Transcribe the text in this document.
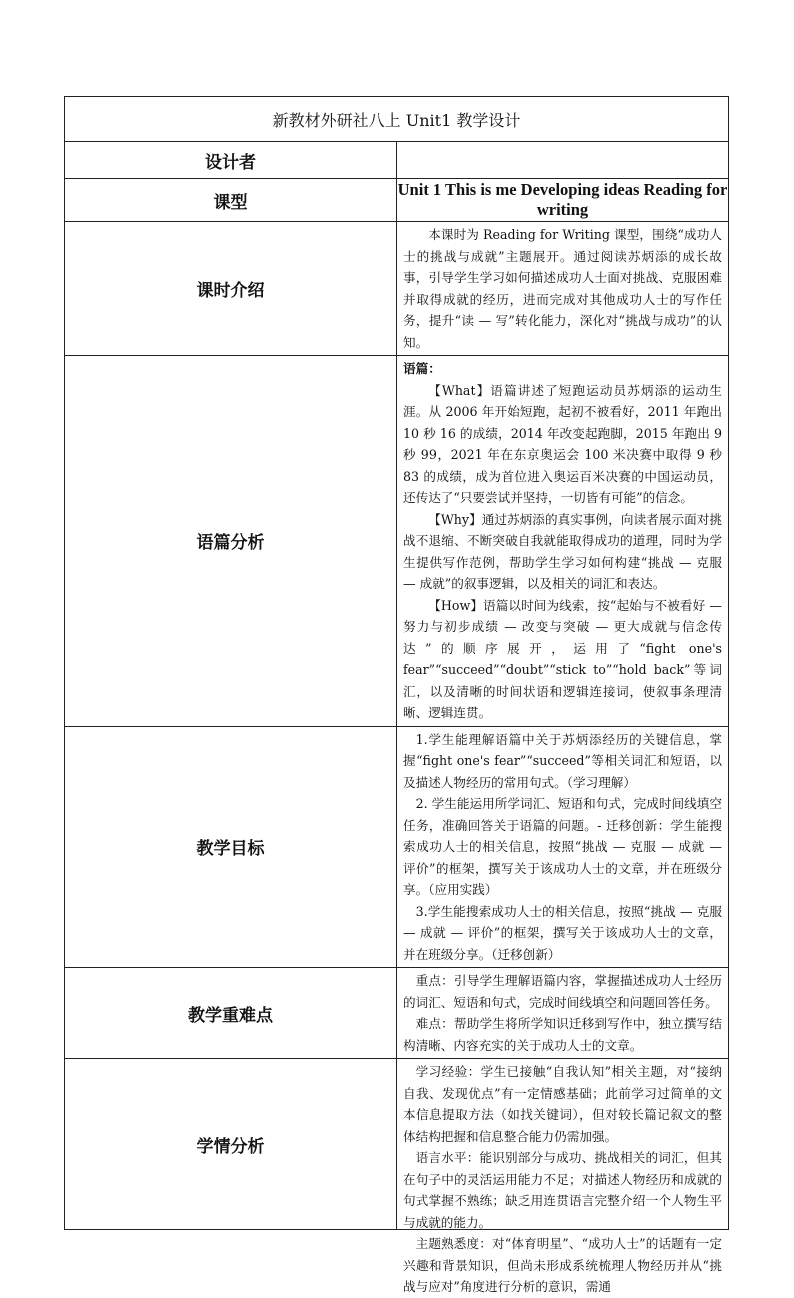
新教材外研社八上 Unit1 教学设计	
设计者	
课型	Unit 1 This is me Developing ideas Reading for writing
课时介绍	本课时为 Reading for Writing 课型，围绕“成功人士的挑战与成就”主题展开。通过阅读苏炳添的成长故事，引导学生学习如何描述成功人士面对挑战、克服困难并取得成就的经历，进而完成对其他成功人士的写作任务，提升“读 — 写”转化能力，深化对“挑战与成功”的认知。

语篇分析	语篇：

【What】语篇讲述了短跑运动员苏炳添的运动生涯。从 2006 年开始短跑，起初不被看好，2011 年跑出 10 秒 16 的成绩，2014 年改变起跑脚，2015 年跑出 9 秒 99，2021 年在东京奥运会 100 米决赛中取得 9 秒 83 的成绩，成为首位进入奥运百米决赛的中国运动员，还传达了“只要尝试并坚持，一切皆有可能”的信念。

【Why】通过苏炳添的真实事例，向读者展示面对挑战不退缩、不断突破自我就能取得成功的道理，同时为学生提供写作范例，帮助学生学习如何构建“挑战 — 克服 — 成就”的叙事逻辑，以及相关的词汇和表达。

【How】语篇以时间为线索，按“起始与不被看好 — 努力与初步成绩 — 改变与突破 — 更大成就与信念传达”的顺序展开，运用了“fight one's fear”“succeed”“doubt”“stick to”“hold back”等词汇，以及清晰的时间状语和逻辑连接词，使叙事条理清晰、逻辑连贯。

教学目标	1.学生能理解语篇中关于苏炳添经历的关键信息，掌握“fight one's fear”“succeed”等相关词汇和短语，以及描述人物经历的常用句式。（学习理解）

2. 学生能运用所学词汇、短语和句式，完成时间线填空任务，准确回答关于语篇的问题。- 迁移创新：学生能搜索成功人士的相关信息，按照“挑战 — 克服 — 成就 — 评价”的框架，撰写关于该成功人士的文章，并在班级分享。（应用实践）

3.学生能搜索成功人士的相关信息，按照“挑战 — 克服 — 成就 — 评价”的框架，撰写关于该成功人士的文章，并在班级分享。（迁移创新）

教学重难点	重点：引导学生理解语篇内容，掌握描述成功人士经历的词汇、短语和句式，完成时间线填空和问题回答任务。

难点：帮助学生将所学知识迁移到写作中，独立撰写结构清晰、内容充实的关于成功人士的文章。

学情分析	学习经验：学生已接触“自我认知”相关主题，对“接纳自我、发现优点”有一定情感基础；此前学习过简单的文本信息提取方法（如找关键词），但对较长篇记叙文的整体结构把握和信息整合能力仍需加强。

语言水平：能识别部分与成功、挑战相关的词汇，但其在句子中的灵活运用能力不足；对描述人物经历和成就的句式掌握不熟练；缺乏用连贯语言完整介绍一个人物生平与成就的能力。

主题熟悉度：对“体育明星”、“成功人士”的话题有一定兴趣和背景知识，但尚未形成系统梳理人物经历并从“挑战与应对”角度进行分析的意识，需通
